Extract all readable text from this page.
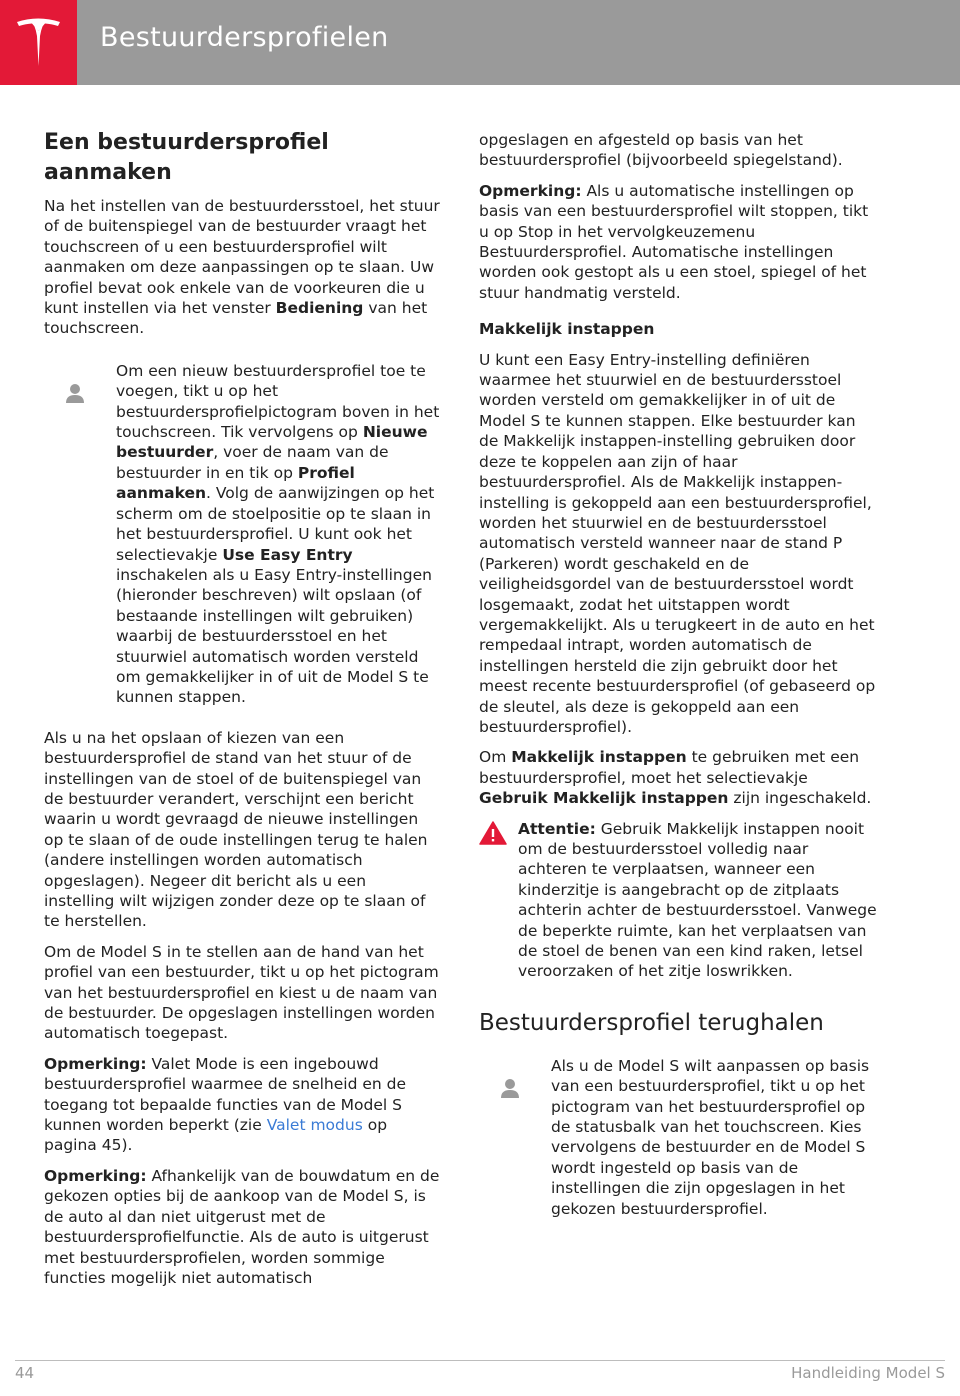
Bestuurdersprofielen
Een bestuurdersprofiel aanmaken

Na het instellen van de bestuurdersstoel, het stuur of de buitenspiegel van de bestuurder vraagt het touchscreen of u een bestuurdersprofiel wilt aanmaken om deze aanpassingen op te slaan. Uw profiel bevat ook enkele van de voorkeuren die u kunt instellen via het venster Bediening van het touchscreen.

Om een nieuw bestuurdersprofiel toe te voegen, tikt u op het bestuurdersprofielpictogram boven in het touchscreen. Tik vervolgens op Nieuwe bestuurder, voer de naam van de bestuurder in en tik op Profiel aanmaken. Volg de aanwijzingen op het scherm om de stoelpositie op te slaan in het bestuurdersprofiel. U kunt ook het selectievakje Use Easy Entry inschakelen als u Easy Entry-instellingen (hieronder beschreven) wilt opslaan (of bestaande instellingen wilt gebruiken) waarbij de bestuurdersstoel en het stuurwiel automatisch worden versteld om gemakkelijker in of uit de Model S te kunnen stappen.

Als u na het opslaan of kiezen van een bestuurdersprofiel de stand van het stuur of de instellingen van de stoel of de buitenspiegel van de bestuurder verandert, verschijnt een bericht waarin u wordt gevraagd de nieuwe instellingen op te slaan of de oude instellingen terug te halen (andere instellingen worden automatisch opgeslagen). Negeer dit bericht als u een instelling wilt wijzigen zonder deze op te slaan of te herstellen.

Om de Model S in te stellen aan de hand van het profiel van een bestuurder, tikt u op het pictogram van het bestuurdersprofiel en kiest u de naam van de bestuurder. De opgeslagen instellingen worden automatisch toegepast.

Opmerking: Valet Mode is een ingebouwd bestuurdersprofiel waarmee de snelheid en de toegang tot bepaalde functies van de Model S kunnen worden beperkt (zie Valet modus op pagina 45).

Opmerking: Afhankelijk van de bouwdatum en de gekozen opties bij de aankoop van de Model S, is de auto al dan niet uitgerust met de bestuurdersprofielfunctie. Als de auto is uitgerust met bestuurdersprofielen, worden sommige functies mogelijk niet automatisch

opgeslagen en afgesteld op basis van het bestuurdersprofiel (bijvoorbeeld spiegelstand).

Opmerking: Als u automatische instellingen op basis van een bestuurdersprofiel wilt stoppen, tikt u op Stop in het vervolgkeuzemenu Bestuurdersprofiel. Automatische instellingen worden ook gestopt als u een stoel, spiegel of het stuur handmatig versteld.

Makkelijk instappen

U kunt een Easy Entry-instelling definiëren waarmee het stuurwiel en de bestuurdersstoel worden versteld om gemakkelijker in of uit de Model S te kunnen stappen. Elke bestuurder kan de Makkelijk instappen-instelling gebruiken door deze te koppelen aan zijn of haar bestuurdersprofiel. Als de Makkelijk instappen-instelling is gekoppeld aan een bestuurdersprofiel, worden het stuurwiel en de bestuurdersstoel automatisch versteld wanneer naar de stand P (Parkeren) wordt geschakeld en de veiligheidsgordel van de bestuurdersstoel wordt losgemaakt, zodat het uitstappen wordt vergemakkelijkt. Als u terugkeert in de auto en het rempedaal intrapt, worden automatisch de instellingen hersteld die zijn gebruikt door het meest recente bestuurdersprofiel (of gebaseerd op de sleutel, als deze is gekoppeld aan een bestuurdersprofiel).

Om Makkelijk instappen te gebruiken met een bestuurdersprofiel, moet het selectievakje Gebruik Makkelijk instappen zijn ingeschakeld.

Attentie: Gebruik Makkelijk instappen nooit om de bestuurdersstoel volledig naar achteren te verplaatsen, wanneer een kinderzitje is aangebracht op de zitplaats achterin achter de bestuurdersstoel. Vanwege de beperkte ruimte, kan het verplaatsen van de stoel de benen van een kind raken, letsel veroorzaken of het zitje loswrikken.

Bestuurdersprofiel terughalen

Als u de Model S wilt aanpassen op basis van een bestuurdersprofiel, tikt u op het pictogram van het bestuurdersprofiel op de statusbalk van het touchscreen. Kies vervolgens de bestuurder en de Model S wordt ingesteld op basis van de instellingen die zijn opgeslagen in het gekozen bestuurdersprofiel.

44	Handleiding Model S
